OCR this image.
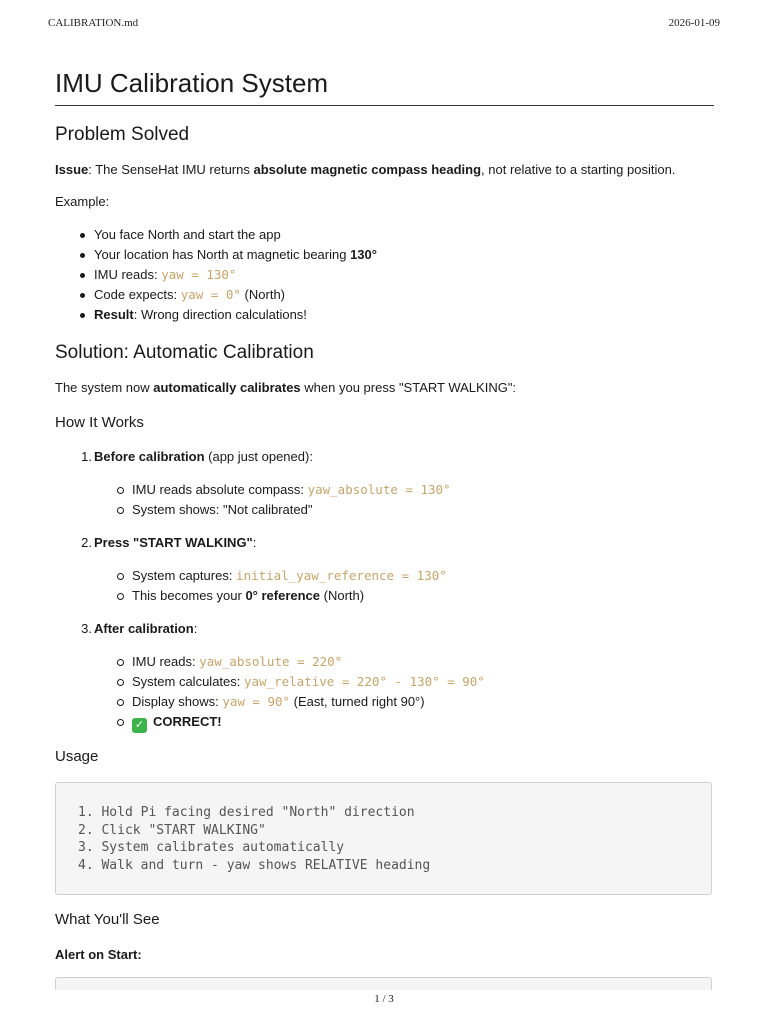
CALIBRATION.md	2026-01-09
IMU Calibration System
Problem Solved

Issue: The SenseHat IMU returns absolute magnetic compass heading, not relative to a starting position.

Example:

You face North and start the app
Your location has North at magnetic bearing 130°
IMU reads: yaw = 130°
Code expects: yaw = 0° (North)
Result: Wrong direction calculations!
Solution: Automatic Calibration

The system now automatically calibrates when you press "START WALKING":

How It Works
1. Before calibration (app just opened):
IMU reads absolute compass: yaw_absolute = 130°
System shows: "Not calibrated"
2. Press "START WALKING":
System captures: initial_yaw_reference = 130°
This becomes your 0° reference (North)
3. After calibration:
IMU reads: yaw_absolute = 220°
System calculates: yaw_relative = 220° - 130° = 90°
Display shows: yaw = 90° (East, turned right 90°)
✓ CORRECT!
Usage
1. Hold Pi facing desired "North" direction
2. Click "START WALKING"
3. System calibrates automatically
4. Walk and turn - yaw shows RELATIVE heading
What You'll See

Alert on Start:

1 / 3
